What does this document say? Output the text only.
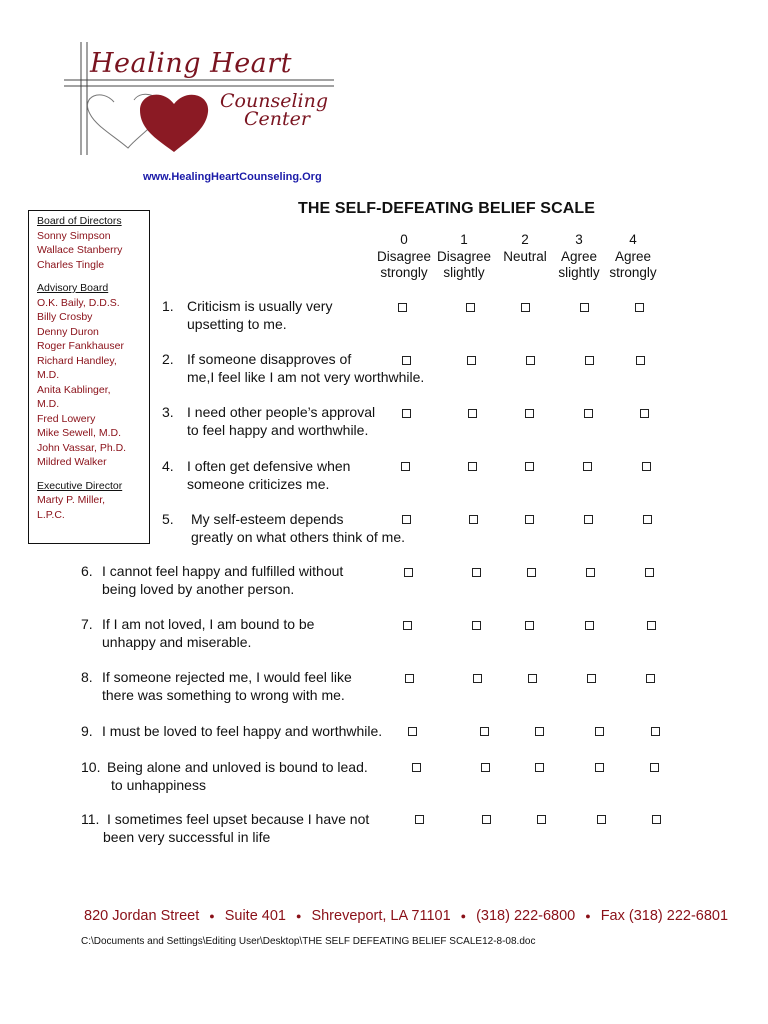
Healing Heart
Counseling
Center
www.HealingHeartCounseling.Org
THE SELF-DEFEATING BELIEF SCALE
Board of Directors
Sonny Simpson
Wallace Stanberry
Charles Tingle
Advisory Board
O.K. Baily, D.D.S.
Billy Crosby
Denny Duron
Roger Fankhauser
Richard Handley,
M.D.
Anita Kablinger,
M.D.
Fred Lowery
Mike Sewell, M.D.
John Vassar, Ph.D.
Mildred Walker
Executive Director
Marty P. Miller,
L.P.C.
0
Disagree
strongly
1
Disagree
slightly
2
Neutral

3
Agree
slightly
4
Agree
strongly
1. Criticism is usually very
upsetting to me.
2. If someone disapproves of
me,I feel like I am not very worthwhile.
3. I need other people’s approval
to feel happy and worthwhile.
4. I often get defensive when
someone criticizes me.
5. My self-esteem depends
greatly on what others think of me.
6. I cannot feel happy and fulfilled without
being loved by another person.
7. If I am not loved, I am bound to be
unhappy and miserable.
8. If someone rejected me, I would feel like
there was something to wrong with me.
9. I must be loved to feel happy and worthwhile.
10. Being alone and unloved is bound to lead.
to unhappiness
11. I sometimes feel upset because I have not
been very successful in life
820 Jordan Street ● Suite 401 ● Shreveport, LA 71101 ● (318) 222-6800 ● Fax (318) 222-6801
C:\Documents and Settings\Editing User\Desktop\THE SELF DEFEATING BELIEF SCALE12-8-08.doc
